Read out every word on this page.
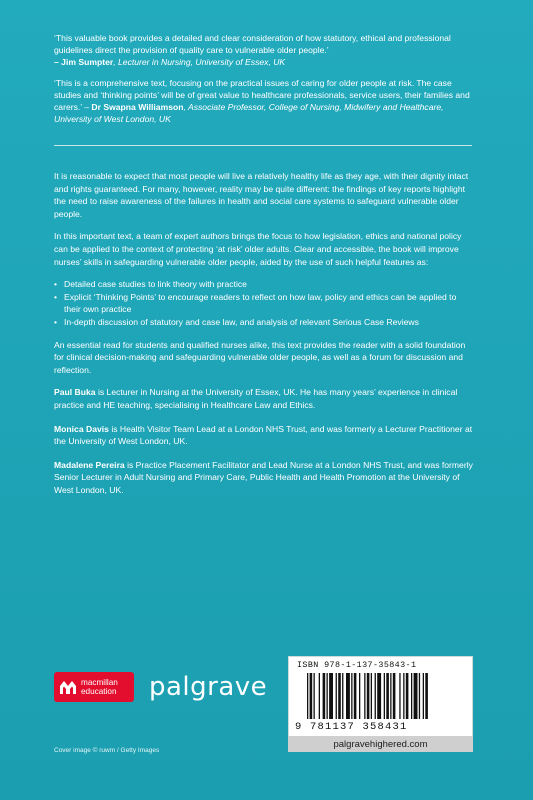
‘This valuable book provides a detailed and clear consideration of how statutory, ethical and professional guidelines direct the provision of quality care to vulnerable older people.’
– Jim Sumpter, Lecturer in Nursing, University of Essex, UK

‘This is a comprehensive text, focusing on the practical issues of caring for older people at risk. The case studies and ‘thinking points’ will be of great value to healthcare professionals, service users, their families and carers.’ – Dr Swapna Williamson, Associate Professor, College of Nursing, Midwifery and Healthcare, University of West London, UK

It is reasonable to expect that most people will live a relatively healthy life as they age, with their dignity intact and rights guaranteed. For many, however, reality may be quite different: the findings of key reports highlight the need to raise awareness of the failures in health and social care systems to safeguard vulnerable older people.

In this important text, a team of expert authors brings the focus to how legislation, ethics and national policy can be applied to the context of protecting ‘at risk’ older adults. Clear and accessible, the book will improve nurses’ skills in safeguarding vulnerable older people, aided by the use of such helpful features as:

• Detailed case studies to link theory with practice
• Explicit ‘Thinking Points’ to encourage readers to reflect on how law, policy and ethics can be applied to their own practice
• In-depth discussion of statutory and case law, and analysis of relevant Serious Case Reviews

An essential read for students and qualified nurses alike, this text provides the reader with a solid foundation for clinical decision-making and safeguarding vulnerable older people, as well as a forum for discussion and reflection.

Paul Buka is Lecturer in Nursing at the University of Essex, UK. He has many years’ experience in clinical practice and HE teaching, specialising in Healthcare Law and Ethics.

Monica Davis is Health Visitor Team Lead at a London NHS Trust, and was formerly a Lecturer Practitioner at the University of West London, UK.

Madalene Pereira is Practice Placement Facilitator and Lead Nurse at a London NHS Trust, and was formerly Senior Lecturer in Adult Nursing and Primary Care, Public Health and Health Promotion at the University of West London, UK.

macmillan
education palgrave
Cover image © ruwm / Getty Images
ISBN 978-1-137-35843-1
9 781137 358431
palgravehighered.com
